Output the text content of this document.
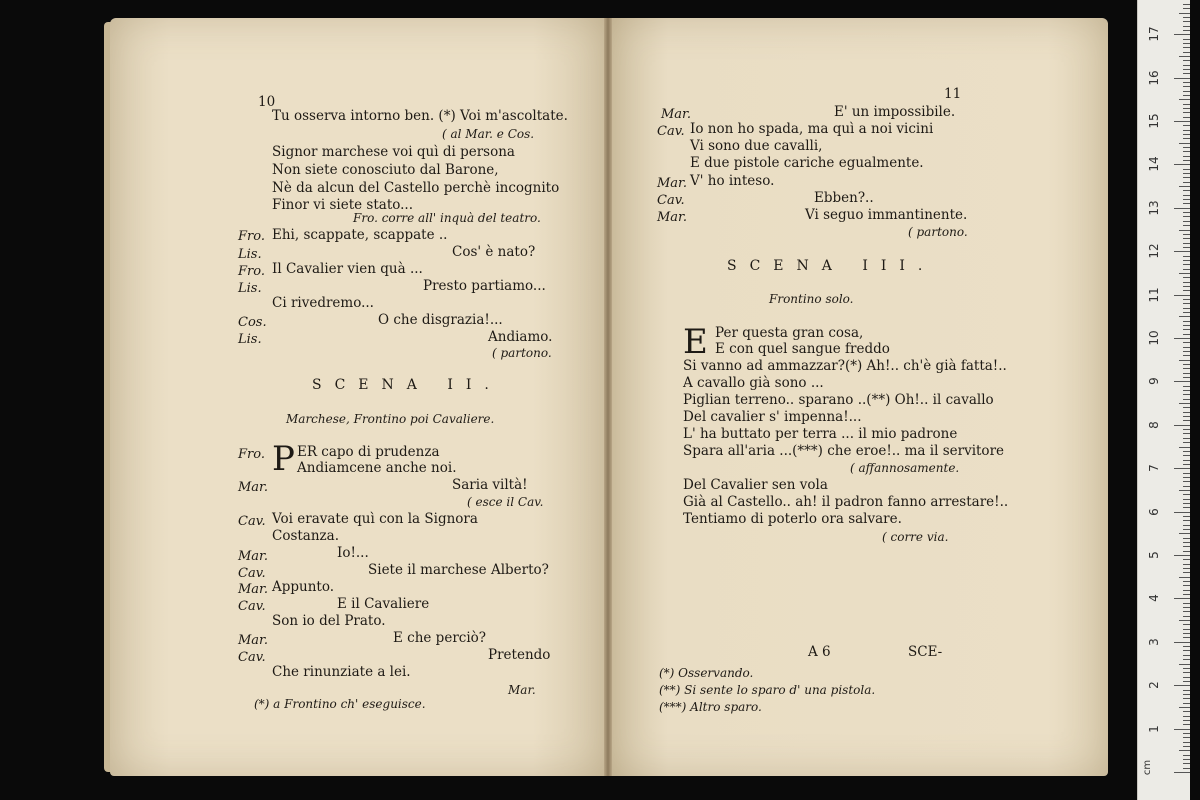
10
Tu osserva intorno ben. (*) Voi m'ascoltate.
( al Mar. e Cos.
Signor marchese voi quì di persona
Non siete conosciuto dal Barone,
Nè da alcun del Castello perchè incognito
Finor vi siete stato...
Fro. corre all' inquà del teatro.
Fro. Ehi, scappate, scappate ..
Lis.	Cos' è nato?
Fro. Il Cavalier vien quà ...
Lis.	Presto partiamo...
Ci rivedremo...
Cos.	O che disgrazia!...
Lis.	Andiamo.
( partono.
SCENA II.
Marchese, Frontino poi Cavaliere.
Fro. P ER capo di prudenza
Andiamcene anche noi.
Mar.	Saria viltà!
( esce il Cav.
Cav. Voi eravate quì con la Signora
Costanza.
Mar.	Io!...
Cav.	Siete il marchese Alberto?
Mar. Appunto.
Cav.	E il Cavaliere
Son io del Prato.
Mar.	E che perciò?
Cav.	Pretendo
Che rinunziate a lei.
Mar.
(*) a Frontino ch' eseguisce.
11
Mar.	E' un impossibile.
Cav. Io non ho spada, ma quì a noi vicini
Vi sono due cavalli,
E due pistole cariche egualmente.
Mar. V' ho inteso.
Cav.	Ebben?..
Mar.	Vi seguo immantinente.
( partono.
SCENA III.
Frontino solo.
E Per questa gran cosa,
E con quel sangue freddo
Si vanno ad ammazzar?(*) Ah!.. ch'è già fatta!..
A cavallo già sono ...
Piglian terreno.. sparano ..(**) Oh!.. il cavallo
Del cavalier s' impenna!...
L' ha buttato per terra ... il mio padrone
Spara all'aria ...(***) che eroe!.. ma il servitore
( affannosamente.
Del Cavalier sen vola
Già al Castello.. ah! il padron fanno arrestare!..
Tentiamo di poterlo ora salvare.
( corre via.
A 6	SCE-
(*) Osservando.
(**) Si sente lo sparo d' una pistola.
(***) Altro sparo.
1
2
3
4
5
6
7
8
9
10
11
12
13
14
15
16
17
cm
